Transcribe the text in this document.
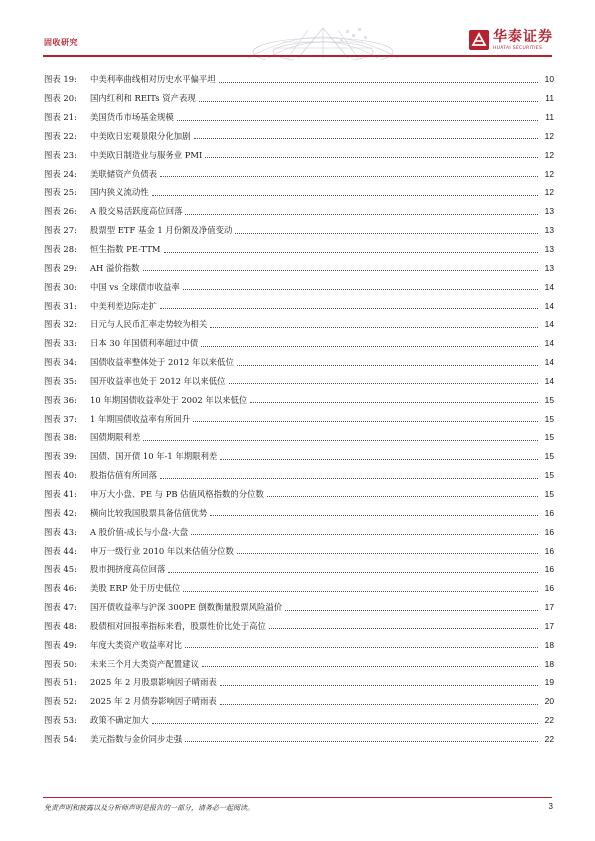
固收研究	华泰证券
HUATAI SECURITIES
图表 19:	中美利率曲线相对历史水平偏平坦	10
图表 20:	国内红利和 REITs 资产表现	11
图表 21:	美国货币市场基金规模	11
图表 22:	中美欧日宏观景限分化加剧	12
图表 23:	中美欧日制造业与服务业 PMI	12
图表 24:	美联储资产负债表	12
图表 25:	国内狭义流动性	12
图表 26:	A 股交易活跃度高位回落	13
图表 27:	股票型 ETF 基金 1 月份额及净值变动	13
图表 28:	恒生指数 PE-TTM	13
图表 29:	AH 溢价指数	13
图表 30:	中国 vs 全球债市收益率	14
图表 31:	中美利差边际走扩	14
图表 32:	日元与人民币汇率走势较为相关	14
图表 33:	日本 30 年国债利率超过中债	14
图表 34:	国债收益率整体处于 2012 年以来低位	14
图表 35:	国开收益率也处于 2012 年以来低位	14
图表 36:	10 年期国债收益率处于 2002 年以来低位	15
图表 37:	1 年期国债收益率有所回升	15
图表 38:	国债期限利差	15
图表 39:	国债、国开债 10 年-1 年期限利差	15
图表 40:	股指估值有所回落	15
图表 41:	申万大小盘、PE 与 PB 估值风格指数的分位数	15
图表 42:	横向比较我国股票具备估值优势	16
图表 43:	A 股价值-成长与小盘-大盘	16
图表 44:	申万一级行业 2010 年以来估值分位数	16
图表 45:	股市拥挤度高位回落	16
图表 46:	美股 ERP 处于历史低位	16
图表 47:	国开债收益率与沪深 300PE 倒数衡量股票风险溢价	17
图表 48:	股债相对回报率指标来看，股票性价比处于高位	17
图表 49:	年度大类资产收益率对比	18
图表 50:	未来三个月大类资产配置建议	18
图表 51:	2025 年 2 月股票影响因子晴雨表	19
图表 52:	2025 年 2 月债券影响因子晴雨表	20
图表 53:	政策不确定加大	22
图表 54:	美元指数与金价同步走强	22
免责声明和披露以及分析师声明是报告的一部分，请务必一起阅读。	3
